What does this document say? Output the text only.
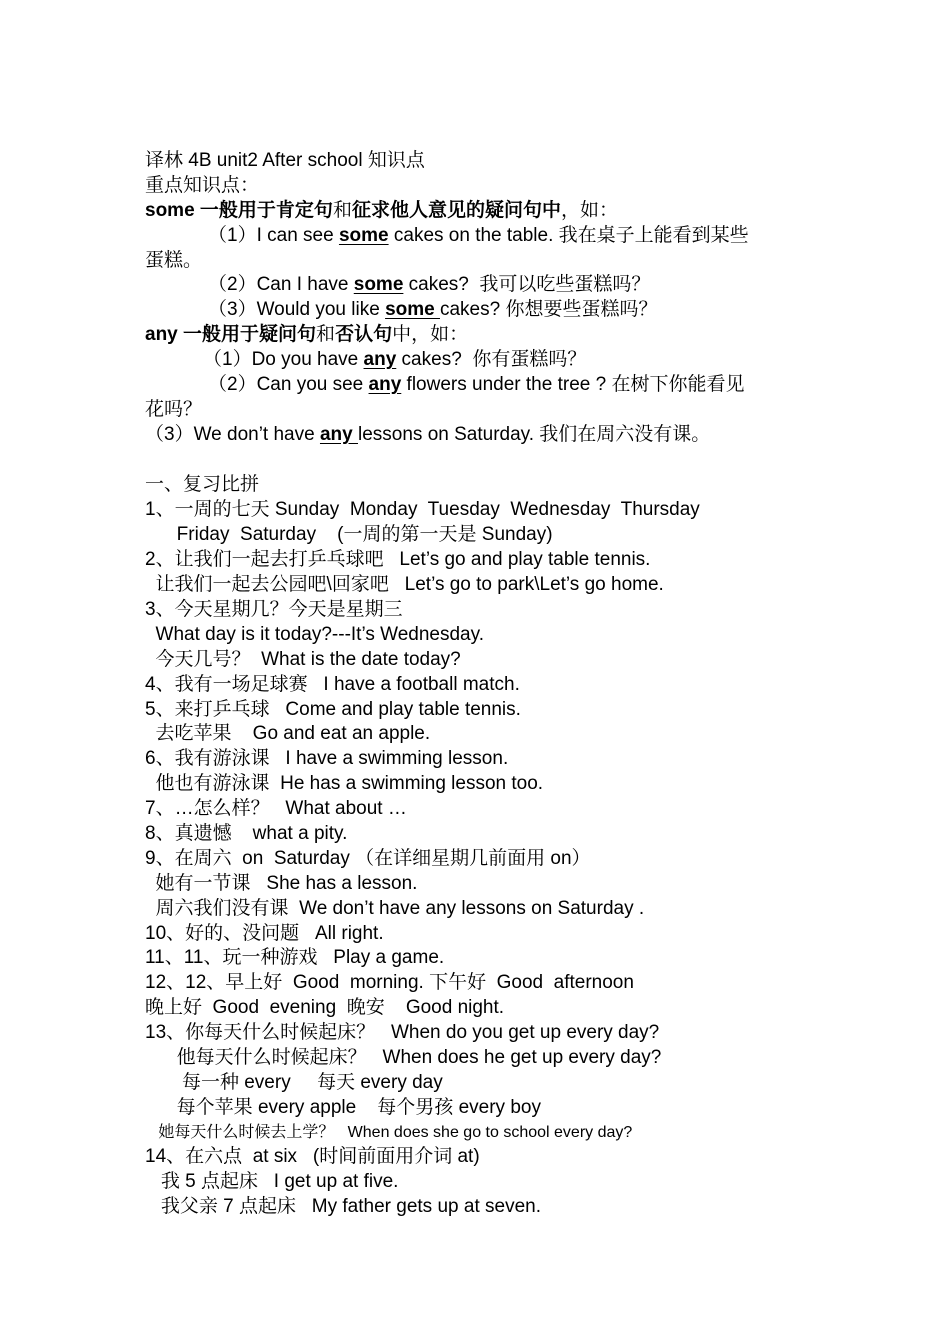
译林 4B unit2 After school 知识点
重点知识点：
some 一般用于肯定句和征求他人意见的疑问句中，如：
（1）I can see some cakes on the table. 我在桌子上能看到某些
蛋糕。
（2）Can I have some cakes?  我可以吃些蛋糕吗？
（3）Would you like some cakes? 你想要些蛋糕吗？
any 一般用于疑问句和否认句中，如：
（1）Do you have any cakes?  你有蛋糕吗？
（2）Can you see any flowers under the tree ? 在树下你能看见
花吗？
（3）We don’t have any lessons on Saturday. 我们在周六没有课。
一、复习比拼
1、一周的七天 Sunday  Monday  Tuesday  Wednesday  Thursday
Friday  Saturday    (一周的第一天是 Sunday)
2、让我们一起去打乒乓球吧   Let’s go and play table tennis.
让我们一起去公园吧\回家吧   Let’s go to park\Let’s go home.
3、今天星期几？今天是星期三
What day is it today?---It’s Wednesday.
今天几号？  What is the date today?
4、我有一场足球赛   I have a football match.
5、来打乒乓球   Come and play table tennis.
去吃苹果    Go and eat an apple.
6、我有游泳课   I have a swimming lesson.
他也有游泳课  He has a swimming lesson too.
7、…怎么样？   What about …
8、真遗憾    what a pity.
9、在周六  on  Saturday （在详细星期几前面用 on）
她有一节课   She has a lesson.
周六我们没有课  We don’t have any lessons on Saturday .
10、好的、没问题   All right.
11、11、玩一种游戏   Play a game.
12、12、早上好  Good  morning. 下午好  Good  afternoon
晚上好  Good  evening  晚安    Good night.
13、你每天什么时候起床？   When do you get up every day?
他每天什么时候起床？   When does he get up every day?
每一种 every     每天 every day
每个苹果 every apple    每个男孩 every boy
她每天什么时候去上学？   When does she go to school every day?
14、在六点  at six   (时间前面用介词 at)
我 5 点起床   I get up at five.
我父亲 7 点起床   My father gets up at seven.
